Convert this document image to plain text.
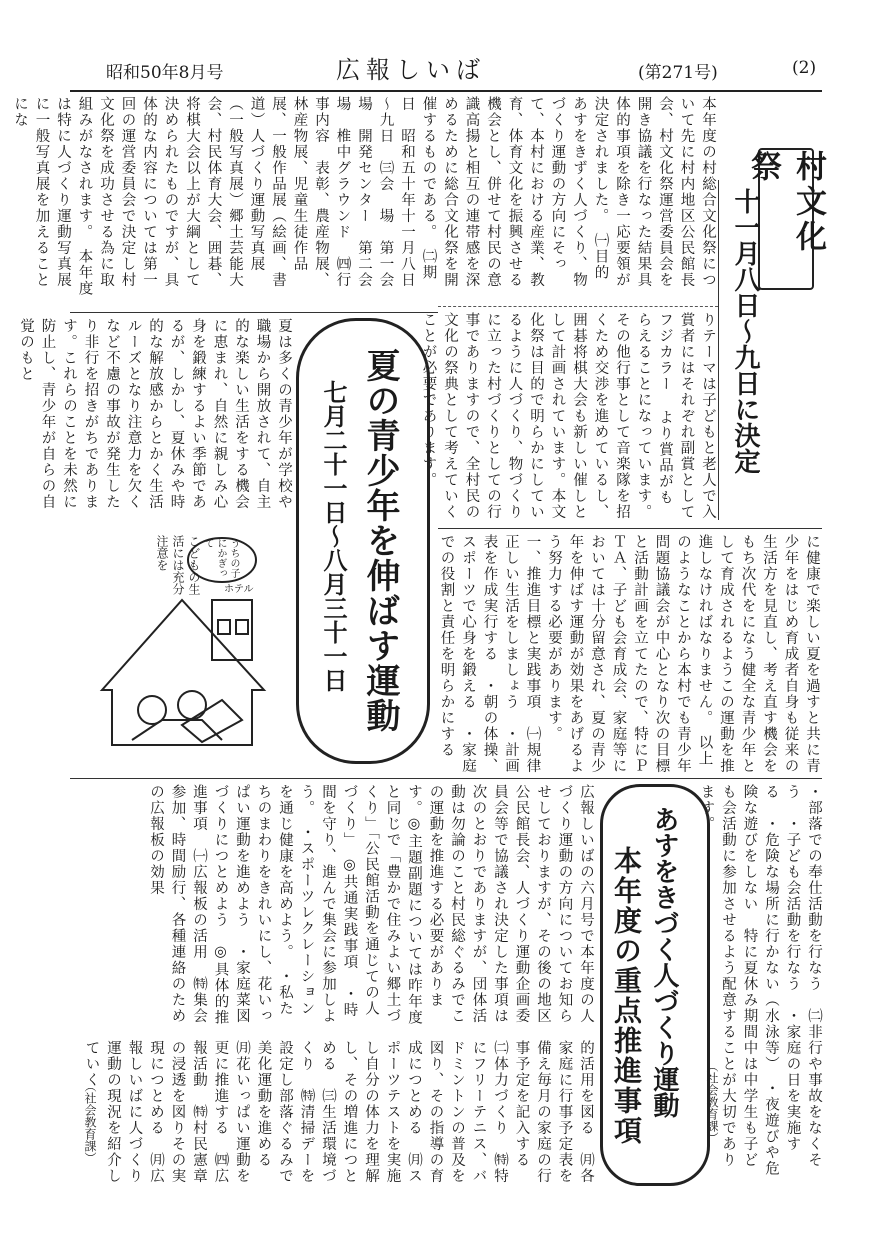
昭和50年8月号	広報しいば	(第271号)	(2)
村文化祭
十一月八日～九日に決定
本年度の村総合文化祭について先に村内地区公民館長会、村文化祭運営委員会を開き協議を行なった結果具体的事項を除き一応要領が決定されました。　㈠目的　あすをきずく人づくり、物づくり運動の方向にそって、本村における産業、教育、体育文化を振興させる機会とし、併せて村民の意識高揚と相互の連帯感を深めるために総合文化祭を開催するものである。　㈡期　日　昭和五十年十一月八日～九日　㈢会　場　第一会場　開発センター　第二会場　椎中グラウンド　㈣行事内容　表彰、農産物展、林産物展、児童生徒作品展、一般作品展（絵画、書道）人づくり運動写真展（一般写真展）郷土芸能大会、村民体育大会、囲碁、将棋大会以上が大綱として決められたものですが、具体的な内容については第一回の運営委員会で決定し村文化祭を成功させる為に取組みがなされます。　本年度は特に人づくり運動写真展に一般写真展を加えることにな
りテーマは子どもと老人で入賞者にはそれぞれ副賞としてフジカラー より賞品がもらえることになっています。　その他行事として音楽隊を招くため交渉を進めているし、囲碁将棋大会も新しい催しとして計画されています。本文化祭は目的で明らかにしているように人づくり、物づくりに立った村づくりとしての行事でありますので、全村民の文化の祭典として考えていくことが必要であります。
夏の青少年を伸ばす運動
七月二十一日～八月三十一日
夏は多くの青少年が学校や職場から開放されて、自主的な楽しい生活をする機会に恵まれ、自然に親しみ心身を鍛練するよい季節であるが、しかし、夏休みや時的な解放感からとかく生活ルーズとなり注意力を欠くなど不慮の事故が発生したり非行を招きがちであります。これらのことを未然に防止し、青少年が自らの自覚のもと
に健康で楽しい夏を過すと共に青少年をはじめ育成者自身も従来の生活方を見直し、考え直す機会をもち次代をになう健全な青少年として育成されるようこの運動を推進しなければなりません。　以上のようなことから本村でも青少年問題協議会が中心となり次の目標と活動計画を立てたので、特にＰＴＡ、子ども会育成会、家庭等においては十分留意され、夏の青少年を伸ばす運動が効果をあげるよう努力する必要があります。　一、推進目標と実践事項　㈠規律正しい生活をしましょう　・計画表を作成実行する　・朝の体操、スポーツで心身を鍛える　・家庭での役割と責任を明らかにする
ホテル
うちの子にかぎって
こどもの生活には充分注意を
・部落での奉仕活動を行なう　㈡非行や事故をなくそう　・子ども会活動を行なう　・家庭の日を実施する　・危険な場所に行かない（水泳等）　・夜遊びや危険な遊びをしない　特に夏休み期間中は中学生も子ども会活動に参加させるよう配意することが大切であります。
（社会教育課）
あすをきづく人づくり運動
本年度の重点推進事項
広報しいばの六月号で本年度の人づくり運動の方向についてお知らせしておりますが、その後の地区公民館長会、人づくり運動企画委員会等で協議され決定した事項は次のとおりでありますが、団体活動は勿論のこと村民総ぐるみでこの運動を推進する必要がありま す。◎主題副題については昨年度と同じで「豊かで住みよい郷土づくり」「公民館活動を通じての人づくり」　◎共通実践事項　・時間を守り、進んで集会に参加しよう。　・スポーツレクレーションを通じ健康を高めよう。　・私たちのまわりをきれいにし、花いっぱい運動を進めよう　・家庭菜図づくりにつとめよう　◎具体的推進事項　㈠広報板の活用　㈵集会参加、時間励行、各種連絡のための広報板の効果
的活用を図る　㈪各家庭に行事予定表を備え毎月の家庭の行事予定を記入する　㈡体力づくり　㈵特にフリーテニス、バドミントンの普及を図り、その指導の育成につとめる　㈪スポーツテストを実施し自分の体力を理解し、その増進につとめる　㈢生活環境づくり　㈵清掃デーを設定し部落ぐるみで美化運動を進める　㈪花いっぱい運動を更に推進する　㈣広報活動　㈵村民憲章の浸透を図りその実現につとめる　㈪広報しいばに人づくり運動の現況を紹介していく
（社会教育課）
